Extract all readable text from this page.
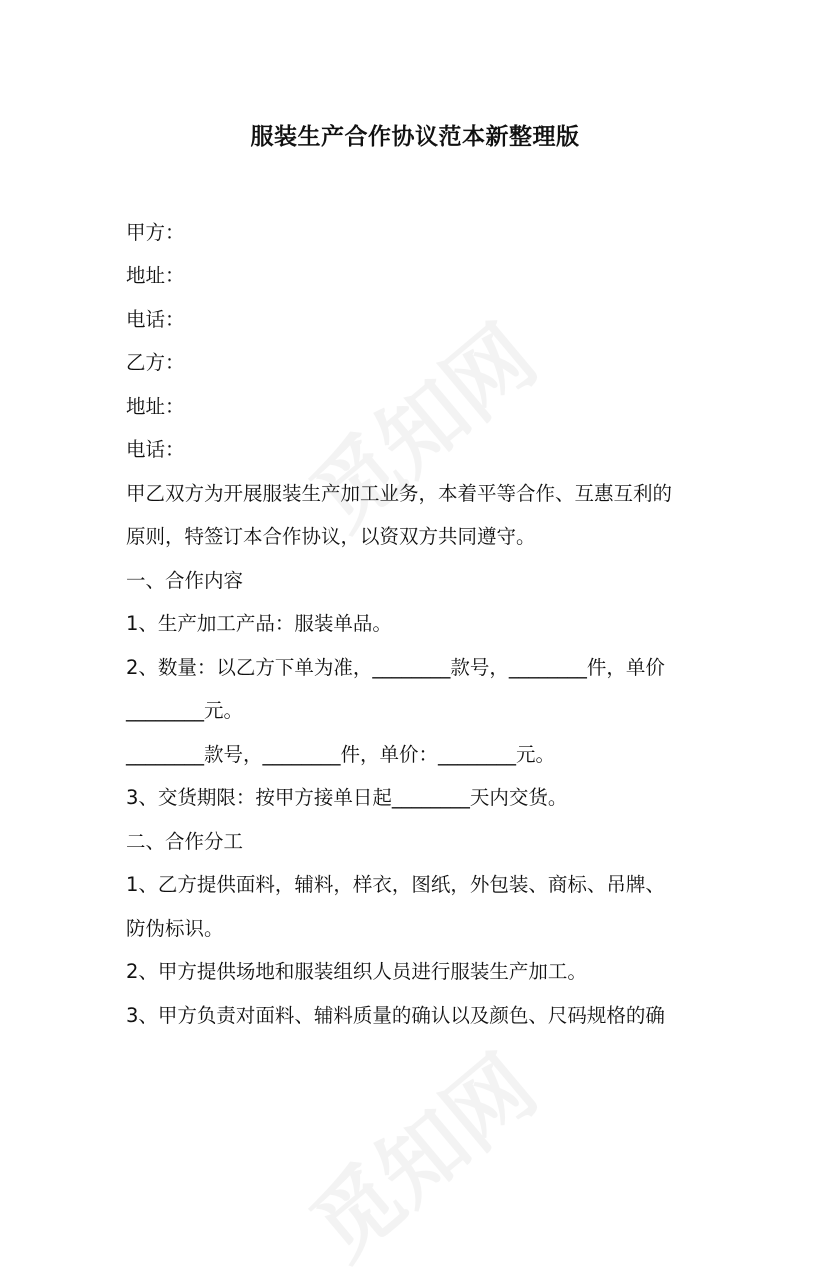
服装生产合作协议范本新整理版
甲方：
地址：
电话：
乙方：
地址：
电话：
甲乙双方为开展服装生产加工业务，本着平等合作、互惠互利的
原则，特签订本合作协议，以资双方共同遵守。
一、合作内容
1、生产加工产品：服装单品。
2、数量：以乙方下单为准，________款号，________件，单价
________元。
________款号，________件，单价：________元。
3、交货期限：按甲方接单日起________天内交货。
二、合作分工
1、乙方提供面料，辅料，样衣，图纸，外包装、商标、吊牌、
防伪标识。
2、甲方提供场地和服装组织人员进行服装生产加工。
3、甲方负责对面料、辅料质量的确认以及颜色、尺码规格的确
